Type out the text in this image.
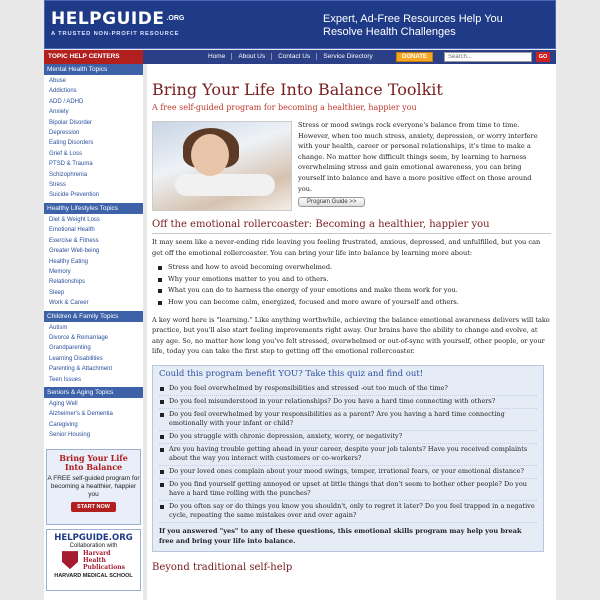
HELPGUIDE .ORG
A TRUSTED NON-PROFIT RESOURCE
Expert, Ad-Free Resources Help You
Resolve Health Challenges
TOPIC HELP CENTERS	Home	About Us	Contact Us	Service Directory	DONATE
Search...	GO
Mental Health Topics
Abuse
Addictions
ADD / ADHD
Anxiety
Bipolar Disorder
Depression
Eating Disorders
Grief & Loss
PTSD & Trauma
Schizophrenia
Stress
Suicide Prevention
Healthy Lifestyles Topics
Diet & Weight Loss
Emotional Health
Exercise & Fitness
Greater Well-being
Healthy Eating
Memory
Relationships
Sleep
Work & Career
Children & Family Topics
Autism
Divorce & Remarriage
Grandparenting
Learning Disabilities
Parenting & Attachment
Teen Issues
Seniors & Aging Topics
Aging Well
Alzheimer's & Dementia
Caregiving
Senior Housing
Bring Your Life
Into Balance
A FREE self-guided program for becoming a healthier, happier you
START NOW
HELPGUIDE.ORG
Collaboration with
Harvard
Health
Publications
HARVARD MEDICAL SCHOOL
Bring Your Life Into Balance Toolkit
A free self-guided program for becoming a healthier, happier you
Stress or mood swings rock everyone's balance from time to time. However, when too much stress, anxiety, depression, or worry interfere with your health, career or personal relationships, it's time to make a change. No matter how difficult things seem, by learning to harness overwhelming stress and gain emotional awareness, you can bring yourself into balance and have a more positive effect on those around you.
Program Guide >>
Off the emotional rollercoaster: Becoming a healthier, happier you

It may seem like a never-ending ride leaving you feeling frustrated, anxious, depressed, and unfulfilled, but you can get off the emotional rollercoaster. You can bring your life into balance by learning more about:

Stress and how to avoid becoming overwhelmed.
Why your emotions matter to you and to others.
What you can do to harness the energy of your emotions and make them work for you.
How you can become calm, energized, focused and more aware of yourself and others.

A key word here is "learning." Like anything worthwhile, achieving the balance emotional awareness delivers will take practice, but you'll also start feeling improvements right away. Our brains have the ability to change and evolve, at any age. So, no matter how long you've felt stressed, overwhelmed or out-of-sync with yourself, other people, or your life, today you can take the first step to getting off the emotional rollercoaster.

Could this program benefit YOU? Take this quiz and find out!
Do you feel overwhelmed by responsibilities and stressed -out too much of the time?
Do you feel misunderstood in your relationships? Do you have a hard time connecting with others?
Do you feel overwhelmed by your responsibilities as a parent? Are you having a hard time connecting emotionally with your infant or child?
Do you struggle with chronic depression, anxiety, worry, or negativity?
Are you having trouble getting ahead in your career, despite your job talents? Have you received complaints about the way you interact with customers or co-workers?
Do your loved ones complain about your mood swings, temper, irrational fears, or your emotional distance?
Do you find yourself getting annoyed or upset at little things that don't seem to bother other people? Do you have a hard time rolling with the punches?
Do you often say or do things you know you shouldn't, only to regret it later? Do you feel trapped in a negative cycle, repeating the same mistakes over and over again?
If you answered "yes" to any of these questions, this emotional skills program may help you break free and bring your life into balance.
Beyond traditional self-help
